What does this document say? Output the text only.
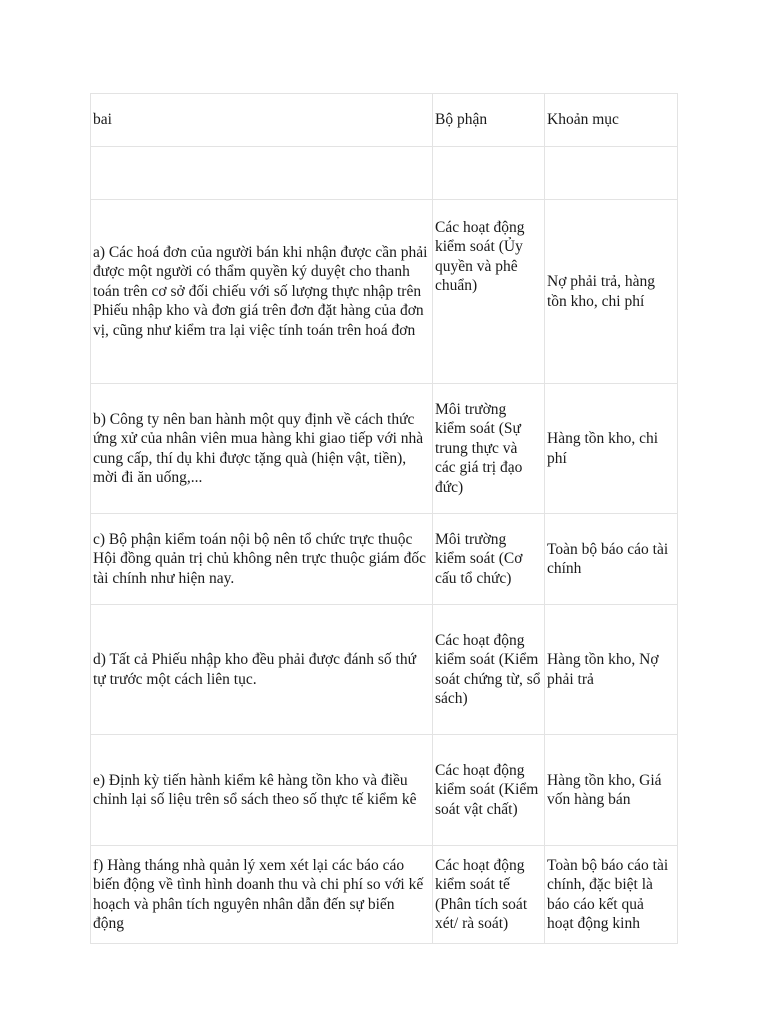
bai	Bộ phận	Khoản mục

a) Các hoá đơn của người bán khi nhận được cần phải được một người có thẩm quyền ký duyệt cho thanh toán trên cơ sở đối chiếu với số lượng thực nhập trên Phiếu nhập kho và đơn giá trên đơn đặt hàng của đơn vị, cũng như kiểm tra lại việc tính toán trên hoá đơn	Các hoạt động kiểm soát (Ủy quyền và phê chuẩn)	Nợ phải trả, hàng tồn kho, chi phí
b) Công ty nên ban hành một quy định về cách thức ứng xử của nhân viên mua hàng khi giao tiếp với nhà cung cấp, thí dụ khi được tặng quà (hiện vật, tiền), mời đi ăn uống,...	Môi trường kiểm soát (Sự trung thực và các giá trị đạo đức)	Hàng tồn kho, chi phí
c) Bộ phận kiểm toán nội bộ nên tổ chức trực thuộc Hội đồng quản trị chủ không nên trực thuộc giám đốc tài chính như hiện nay.	Môi trường kiểm soát (Cơ cấu tổ chức)	Toàn bộ báo cáo tài chính
d) Tất cả Phiếu nhập kho đều phải được đánh số thứ tự trước một cách liên tục.	Các hoạt động kiểm soát (Kiểm soát chứng từ, sổ sách)	Hàng tồn kho, Nợ phải trả
e) Định kỳ tiến hành kiểm kê hàng tồn kho và điều chỉnh lại số liệu trên sổ sách theo số thực tế kiểm kê	Các hoạt động kiểm soát (Kiểm soát vật chất)	Hàng tồn kho, Giá vốn hàng bán
f) Hàng tháng nhà quản lý xem xét lại các báo cáo biến động về tình hình doanh thu và chi phí so với kế hoạch và phân tích nguyên nhân dẫn đến sự biến động	Các hoạt động kiểm soát tế (Phân tích soát xét/ rà soát)	Toàn bộ báo cáo tài chính, đặc biệt là báo cáo kết quả hoạt động kinh
